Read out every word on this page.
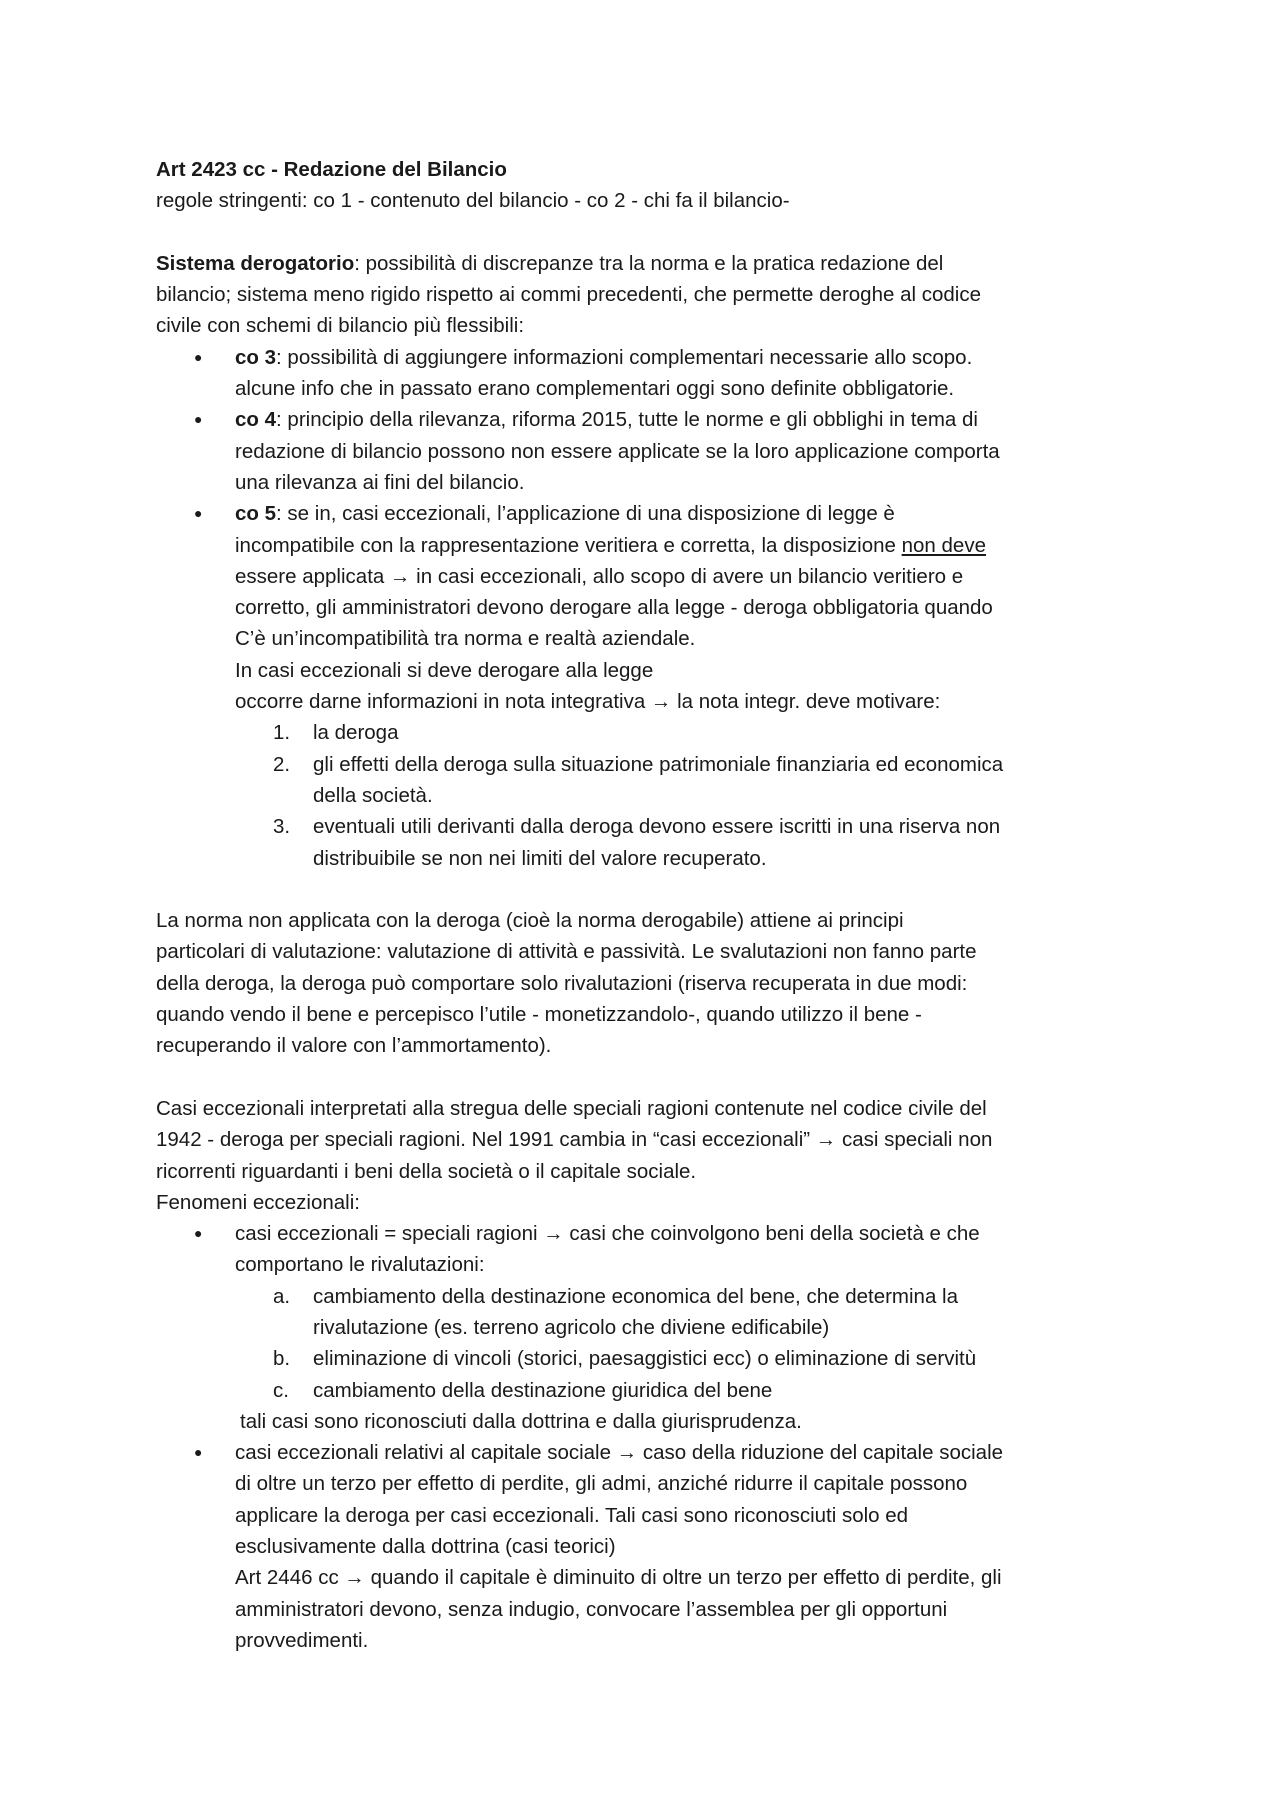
Art 2423 cc - Redazione del Bilancio
regole stringenti: co 1 - contenuto del bilancio - co 2 - chi fa il bilancio-
Sistema derogatorio: possibilità di discrepanze tra la norma e la pratica redazione del
bilancio; sistema meno rigido rispetto ai commi precedenti, che permette deroghe al codice
civile con schemi di bilancio più flessibili:
● co 3: possibilità di aggiungere informazioni complementari necessarie allo scopo.
alcune info che in passato erano complementari oggi sono definite obbligatorie.
● co 4: principio della rilevanza, riforma 2015, tutte le norme e gli obblighi in tema di
redazione di bilancio possono non essere applicate se la loro applicazione comporta
una rilevanza ai fini del bilancio.
● co 5: se in, casi eccezionali, l’applicazione di una disposizione di legge è
incompatibile con la rappresentazione veritiera e corretta, la disposizione non deve
essere applicata → in casi eccezionali, allo scopo di avere un bilancio veritiero e
corretto, gli amministratori devono derogare alla legge - deroga obbligatoria quando
C’è un’incompatibilità tra norma e realtà aziendale.
In casi eccezionali si deve derogare alla legge
occorre darne informazioni in nota integrativa → la nota integr. deve motivare:
1. la deroga
2. gli effetti della deroga sulla situazione patrimoniale finanziaria ed economica
della società.
3. eventuali utili derivanti dalla deroga devono essere iscritti in una riserva non
distribuibile se non nei limiti del valore recuperato.
La norma non applicata con la deroga (cioè la norma derogabile) attiene ai principi
particolari di valutazione: valutazione di attività e passività. Le svalutazioni non fanno parte
della deroga, la deroga può comportare solo rivalutazioni (riserva recuperata in due modi:
quando vendo il bene e percepisco l’utile - monetizzandolo-, quando utilizzo il bene -
recuperando il valore con l’ammortamento).
Casi eccezionali interpretati alla stregua delle speciali ragioni contenute nel codice civile del
1942 - deroga per speciali ragioni. Nel 1991 cambia in “casi eccezionali” → casi speciali non
ricorrenti riguardanti i beni della società o il capitale sociale.
Fenomeni eccezionali:
● casi eccezionali = speciali ragioni → casi che coinvolgono beni della società e che
comportano le rivalutazioni:
a. cambiamento della destinazione economica del bene, che determina la
rivalutazione (es. terreno agricolo che diviene edificabile)
b. eliminazione di vincoli (storici, paesaggistici ecc) o eliminazione di servitù
c. cambiamento della destinazione giuridica del bene
tali casi sono riconosciuti dalla dottrina e dalla giurisprudenza.
● casi eccezionali relativi al capitale sociale → caso della riduzione del capitale sociale
di oltre un terzo per effetto di perdite, gli admi, anziché ridurre il capitale possono
applicare la deroga per casi eccezionali. Tali casi sono riconosciuti solo ed
esclusivamente dalla dottrina (casi teorici)
Art 2446 cc → quando il capitale è diminuito di oltre un terzo per effetto di perdite, gli
amministratori devono, senza indugio, convocare l’assemblea per gli opportuni
provvedimenti.
